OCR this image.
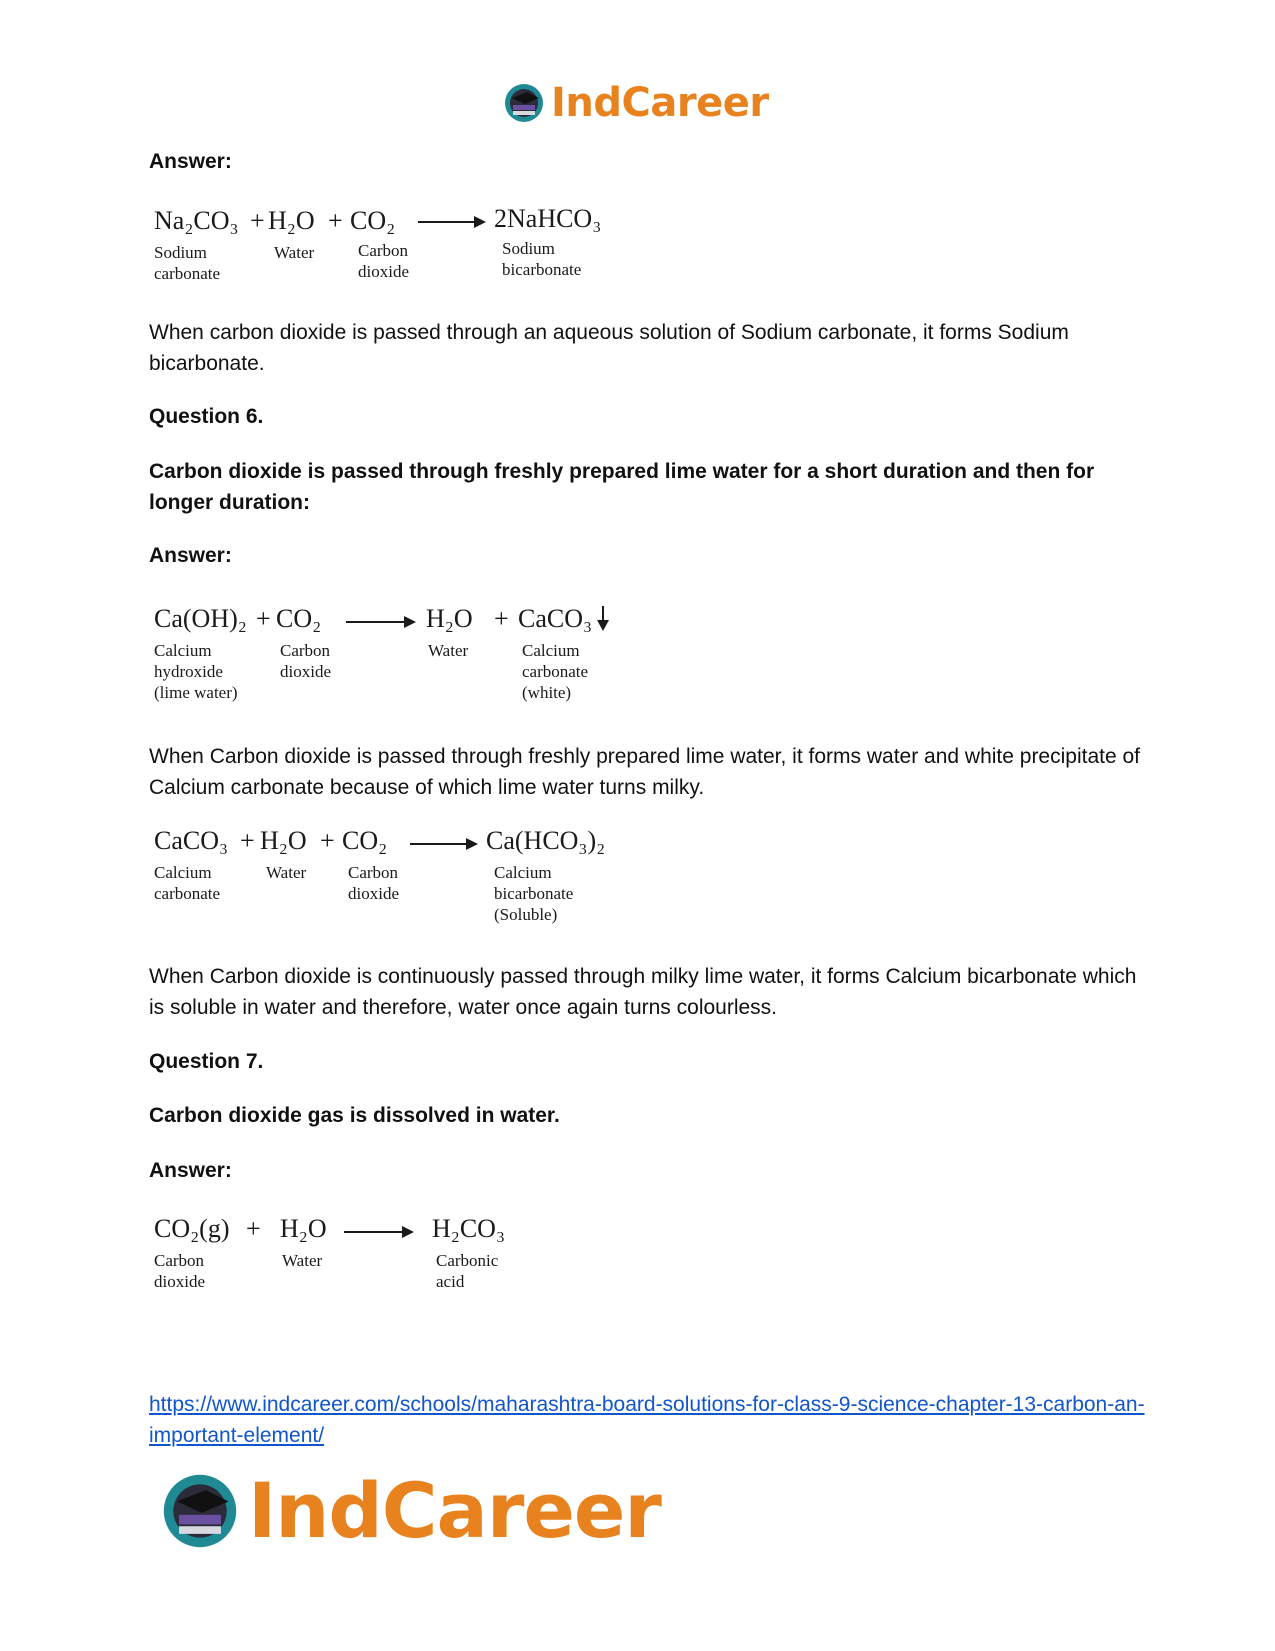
IndCareer
Answer:
Na₂CO₃
Sodium
carbonate
+ H₂O
Water
+ CO₂
Carbon
dioxide
2NaHCO₃
Sodium
bicarbonate
When carbon dioxide is passed through an aqueous solution of Sodium carbonate, it forms Sodium bicarbonate.
Question 6.
Carbon dioxide is passed through freshly prepared lime water for a short duration and then for longer duration:
Answer:
Ca(OH)₂
Calcium
hydroxide
(lime water)
+ CO₂
Carbon
dioxide
H₂O
Water
+ CaCO₃
Calcium
carbonate
(white)
When Carbon dioxide is passed through freshly prepared lime water, it forms water and white precipitate of Calcium carbonate because of which lime water turns milky.
CaCO₃
Calcium
carbonate
+ H₂O
Water
+ CO₂
Carbon
dioxide
Ca(HCO₃)₂
Calcium
bicarbonate
(Soluble)
When Carbon dioxide is continuously passed through milky lime water, it forms Calcium bicarbonate which is soluble in water and therefore, water once again turns colourless.
Question 7.
Carbon dioxide gas is dissolved in water.
Answer:
CO₂(g)
Carbon
dioxide
+ H₂O
Water
H₂CO₃
Carbonic
acid
https://www.indcareer.com/schools/maharashtra-board-solutions-for-class-9-science-chapter-13-carbon-an-important-element/
IndCareer
